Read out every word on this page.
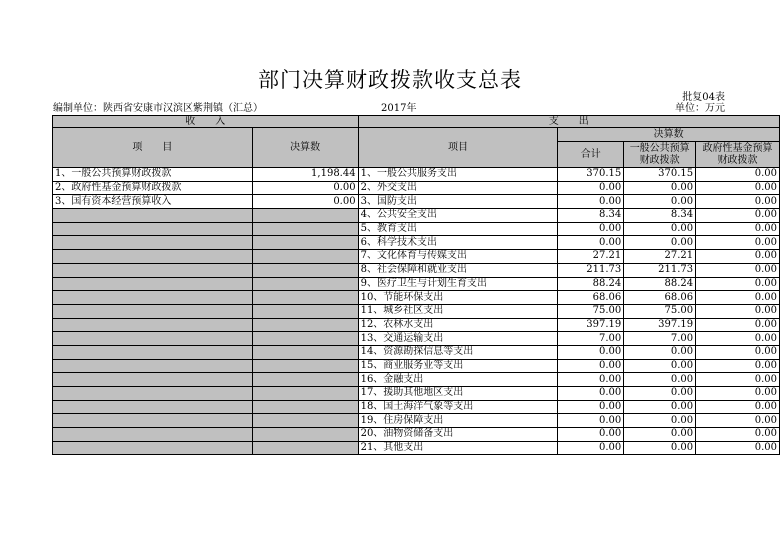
部门决算财政拨款收支总表
批复04表
编制单位：陕西省安康市汉滨区紫荆镇（汇总）	2017年	单位：万元
收　　入		支　　出			
项　　目	决算数	项目	决算数		
			合计	一般公共预算财政拨款	政府性基金预算财政拨款
1、一般公共预算财政拨款	1,198.44	1、一般公共服务支出	370.15	370.15	0.00
2、政府性基金预算财政拨款	0.00	2、外交支出	0.00	0.00	0.00
3、国有资本经营预算收入	0.00	3、国防支出	0.00	0.00	0.00
		4、公共安全支出	8.34	8.34	0.00
		5、教育支出	0.00	0.00	0.00
		6、科学技术支出	0.00	0.00	0.00
		7、文化体育与传媒支出	27.21	27.21	0.00
		8、社会保障和就业支出	211.73	211.73	0.00
		9、医疗卫生与计划生育支出	88.24	88.24	0.00
		10、节能环保支出	68.06	68.06	0.00
		11、城乡社区支出	75.00	75.00	0.00
		12、农林水支出	397.19	397.19	0.00
		13、交通运输支出	7.00	7.00	0.00
		14、资源勘探信息等支出	0.00	0.00	0.00
		15、商业服务业等支出	0.00	0.00	0.00
		16、金融支出	0.00	0.00	0.00
		17、援助其他地区支出	0.00	0.00	0.00
		18、国土海洋气象等支出	0.00	0.00	0.00
		19、住房保障支出	0.00	0.00	0.00
		20、油物资储备支出	0.00	0.00	0.00
		21、其他支出	0.00	0.00	0.00
